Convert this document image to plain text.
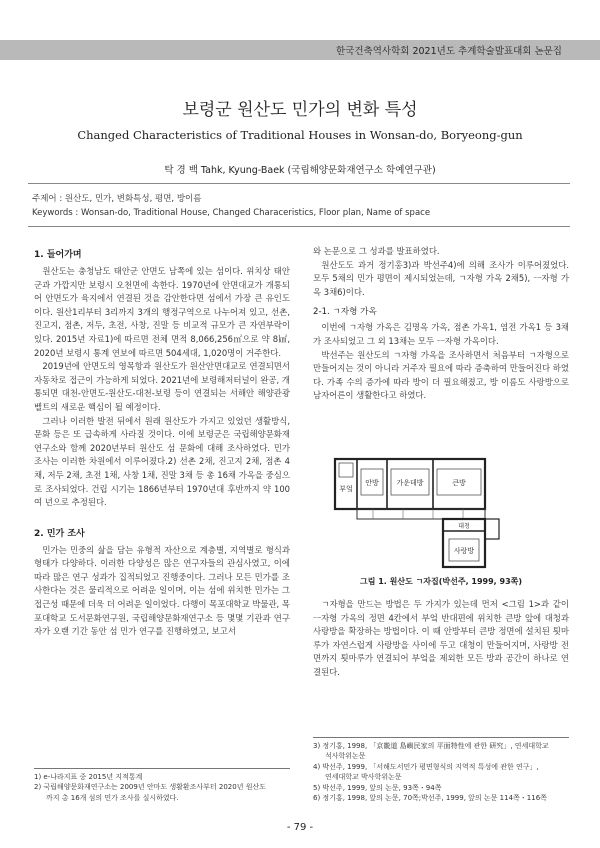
한국건축역사학회 2021년도 추계학술발표대회 논문집
보령군 원산도 민가의 변화 특성
Changed Characteristics of Traditional Houses in Wonsan-do, Boryeong-gun
탁 경 백 Tahk, Kyung-Baek (국립해양문화재연구소 학예연구관)
주제어 : 원산도, 민가, 변화특성, 평면, 방이름
Keywords : Wonsan-do, Traditional House, Changed Characeristics, Floor plan, Name of space

1. 들어가며

원산도는 충청남도 태안군 안면도 남쪽에 있는 섬이다. 위치상 태안군과 가깝지만 보령시 오천면에 속한다. 1970년에 안면대교가 개통되어 안면도가 육지에서 연결된 것을 감안한다면 섬에서 가장 큰 유인도이다. 원산1리부터 3리까지 3개의 행정구역으로 나누어져 있고, 선촌, 진고지, 점촌, 저두, 초전, 사창, 진말 등 비교적 규모가 큰 자연부락이 있다. 2015년 자료1)에 따르면 전체 면적 8,066,256㎡으로 약 8㎢, 2020년 보령시 통계 연보에 따르면 504세대, 1,020명이 거주한다.

2019년에 안면도의 영목항과 원산도가 원산안면대교로 연결되면서 자동차로 접근이 가능하게 되었다. 2021년에 보령해저터널이 완공, 개통되면 대천-안면도-원산도-대천-보령 등이 연결되는 서해안 해양관광벨트의 새로운 핵심이 될 예정이다.

그러나 이러한 발전 뒤에서 원래 원산도가 가지고 있었던 생활방식, 문화 등은 또 급속하게 사라질 것이다. 이에 보령군은 국립해양문화재연구소와 함께 2020년부터 원산도 섬 문화에 대해 조사하였다. 민가 조사는 이러한 차원에서 이루어졌다.2) 선촌 2채, 진고지 2채, 점촌 4채, 저두 2채, 초전 1채, 사창 1채, 진말 3채 등 총 16채 가옥을 중심으로 조사되었다. 건립 시기는 1866년부터 1970년대 후반까지 약 100여 년으로 추정된다.

2. 민가 조사

민가는 민중의 삶을 담는 유형적 자산으로 계층별, 지역별로 형식과 형태가 다양하다. 이러한 다양성은 많은 연구자들의 관심사였고, 이에 따라 많은 연구 성과가 집적되었고 진행중이다. 그러나 모든 민가를 조사한다는 것은 물리적으로 어려운 일이며, 이는 섬에 위치한 민가는 그 접근성 때문에 더욱 더 어려운 일이었다. 다행이 목포대학교 박물관, 목포대학교 도서문화연구원, 국립해양문화재연구소 등 몇몇 기관과 연구자가 오랜 기간 동안 섬 민가 연구를 진행하였고, 보고서

와 논문으로 그 성과를 발표하였다.

원산도도 과거 정기홍3)과 박선주4)에 의해 조사가 이루어졌었다. 모두 5채의 민가 평면이 제시되었는데, ㄱ자형 가옥 2채5), ㅡ자형 가옥 3채6)이다.

2-1. ㄱ자형 가옥

이번에 ㄱ자형 가옥은 김명옥 가옥, 점촌 가옥1, 염전 가옥1 등 3채가 조사되었고 그 외 13채는 모두 ㅡ자형 가옥이다.

박선주는 원산도의 ㄱ자형 가옥을 조사하면서 처음부터 ㄱ자형으로 만들어지는 것이 아니라 거주자 필요에 따라 증축하여 만들어진다 하였다. 가족 수의 증가에 따라 방이 더 필요해졌고, 방 이름도 사랑방으로 남자어른이 생활한다고 하였다.

부엌
안방	가운데방	큰방
대청
사랑방
그림 1. 원산도 ㄱ자집(박선주, 1999, 93쪽)

ㄱ자형을 만드는 방법은 두 가지가 있는데 먼저 <그림 1>과 같이 ㅡ자형 가옥의 정면 4칸에서 부엌 반대편에 위치한 큰방 앞에 대청과 사랑방을 확장하는 방법이다. 이 때 안방부터 큰방 정면에 설치된 툇마루가 자연스럽게 사랑방을 사이에 두고 대청이 만들어지며, 사랑방 전면까지 툇마루가 연결되어 부엌을 제외한 모든 방과 공간이 하나로 연결된다.

1) e-나라지표 중 2015년 지적통계

2) 국립해양문화재연구소는 2009년 안마도 생활환조사부터 2020년 원산도

까지 총 16개 섬의 민가 조사를 실시하였다.

3) 정기홍, 1998, 「京畿道 島嶼民家의 平面特性에 관한 硏究」, 연세대학교

석사학위논문

4) 박선주, 1999, 「서해도서민가 평면형식의 지역적 특성에 관한 연구」,

연세대학교 박사학위논문

5) 박선주, 1999, 앞의 논문, 93쪽・94쪽

6) 정기홍, 1998, 앞의 논문, 70쪽;박선주, 1999, 앞의 논문 114쪽・116쪽

- 79 -
